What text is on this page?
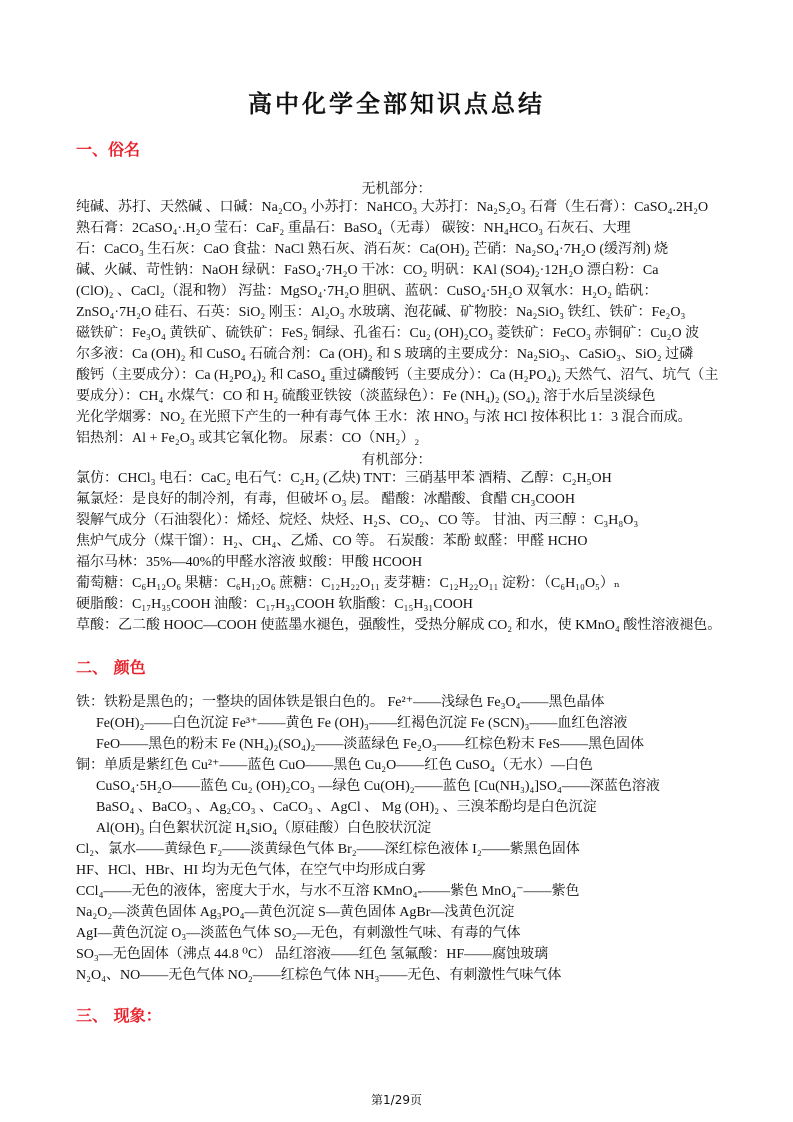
高中化学全部知识点总结
一、俗名
无机部分：
纯碱、苏打、天然碱 、口碱：Na₂CO₃ 小苏打：NaHCO₃ 大苏打：Na₂S₂O₃ 石膏（生石膏）：CaSO₄.2H₂O
熟石膏：2CaSO₄·.H₂O 莹石：CaF₂ 重晶石：BaSO₄（无毒） 碳铵：NH₄HCO₃ 石灰石、大理
石：CaCO₃ 生石灰：CaO 食盐：NaCl 熟石灰、消石灰：Ca(OH)₂ 芒硝：Na₂SO₄·7H₂O (缓泻剂) 烧
碱、火碱、苛性钠：NaOH 绿矾：FaSO₄·7H₂O 干冰：CO₂ 明矾：KAl (SO4)₂·12H₂O 漂白粉：Ca
(ClO)₂ 、CaCl₂（混和物） 泻盐：MgSO₄·7H₂O 胆矾、蓝矾：CuSO₄·5H₂O 双氧水：H₂O₂ 皓矾：
ZnSO₄·7H₂O 硅石、石英：SiO₂ 刚玉：Al₂O₃ 水玻璃、泡花碱、矿物胶：Na₂SiO₃ 铁红、铁矿：Fe₂O₃
磁铁矿：Fe₃O₄ 黄铁矿、硫铁矿：FeS₂ 铜绿、孔雀石：Cu₂ (OH)₂CO₃ 菱铁矿：FeCO₃ 赤铜矿：Cu₂O 波
尔多液：Ca (OH)₂ 和 CuSO₄ 石硫合剂：Ca (OH)₂ 和 S 玻璃的主要成分：Na₂SiO₃、CaSiO₃、SiO₂ 过磷
酸钙（主要成分）：Ca (H₂PO₄)₂ 和 CaSO₄ 重过磷酸钙（主要成分）：Ca (H₂PO₄)₂ 天然气、沼气、坑气（主
要成分）：CH₄ 水煤气：CO 和 H₂ 硫酸亚铁铵（淡蓝绿色）：Fe (NH₄)₂ (SO₄)₂ 溶于水后呈淡绿色
光化学烟雾：NO₂ 在光照下产生的一种有毒气体 王水：浓 HNO₃ 与浓 HCl 按体积比 1：3 混合而成。
铝热剂：Al + Fe₂O₃ 或其它氧化物。 尿素：CO（NH₂）₂
有机部分：
氯仿：CHCl₃ 电石：CaC₂ 电石气：C₂H₂ (乙炔) TNT：三硝基甲苯 酒精、乙醇：C₂H₅OH
氟氯烃：是良好的制冷剂，有毒，但破坏 O₃ 层。 醋酸：冰醋酸、食醋 CH₃COOH
裂解气成分（石油裂化）：烯烃、烷烃、炔烃、H₂S、CO₂、CO 等。 甘油、丙三醇 ：C₃H₈O₃
焦炉气成分（煤干馏）：H₂、CH₄、乙烯、CO 等。 石炭酸：苯酚 蚁醛：甲醛 HCHO
福尔马林：35%—40%的甲醛水溶液 蚁酸：甲酸 HCOOH
葡萄糖：C₆H₁₂O₆ 果糖：C₆H₁₂O₆ 蔗糖：C₁₂H₂₂O₁₁ 麦芽糖：C₁₂H₂₂O₁₁ 淀粉：（C₆H₁₀O₅）ₙ
硬脂酸：C₁₇H₃₅COOH 油酸：C₁₇H₃₃COOH 软脂酸：C₁₅H₃₁COOH
草酸：乙二酸 HOOC—COOH 使蓝墨水褪色，强酸性，受热分解成 CO₂ 和水，使 KMnO₄ 酸性溶液褪色。
二、 颜色
铁：铁粉是黑色的；一整块的固体铁是银白色的。 Fe²⁺——浅绿色 Fe₃O₄——黑色晶体
Fe(OH)₂——白色沉淀 Fe³⁺——黄色 Fe (OH)₃——红褐色沉淀 Fe (SCN)₃——血红色溶液
FeO——黑色的粉末 Fe (NH₄)₂(SO₄)₂——淡蓝绿色 Fe₂O₃——红棕色粉末 FeS——黑色固体
铜：单质是紫红色 Cu²⁺——蓝色 CuO——黑色 Cu₂O——红色 CuSO₄（无水）—白色
CuSO₄·5H₂O——蓝色 Cu₂ (OH)₂CO₃ —绿色 Cu(OH)₂——蓝色 [Cu(NH₃)₄]SO₄——深蓝色溶液
BaSO₄ 、BaCO₃ 、Ag₂CO₃ 、CaCO₃ 、AgCl 、 Mg (OH)₂ 、三溴苯酚均是白色沉淀
Al(OH)₃ 白色絮状沉淀 H₄SiO₄（原硅酸）白色胶状沉淀
Cl₂、氯水——黄绿色 F₂——淡黄绿色气体 Br₂——深红棕色液体 I₂——紫黑色固体
HF、HCl、HBr、HI 均为无色气体，在空气中均形成白雾
CCl₄——无色的液体，密度大于水，与水不互溶 KMnO₄-——紫色 MnO₄⁻——紫色
Na₂O₂—淡黄色固体 Ag₃PO₄—黄色沉淀 S—黄色固体 AgBr—浅黄色沉淀
AgI—黄色沉淀 O₃—淡蓝色气体 SO₂—无色，有刺激性气味、有毒的气体
SO₃—无色固体（沸点 44.8 ⁰C） 品红溶液——红色 氢氟酸：HF——腐蚀玻璃
N₂O₄、NO——无色气体 NO₂——红棕色气体 NH₃——无色、有刺激性气味气体
三、 现象：
第1/29页
